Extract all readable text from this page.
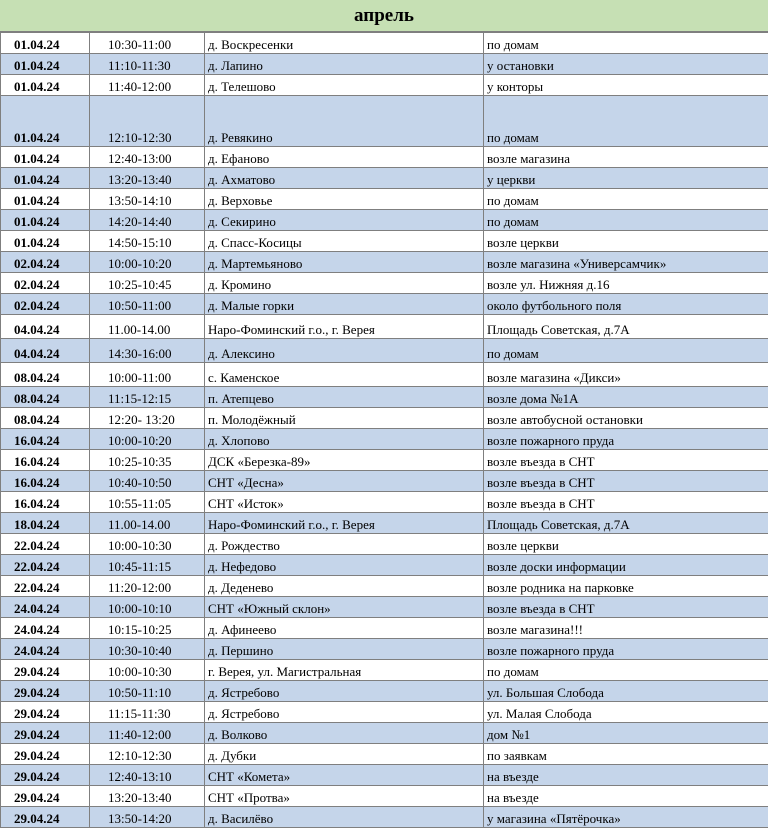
апрель
01.04.24	10:30-11:00	д. Воскресенки	по домам
01.04.24	11:10-11:30	д. Лапино	у остановки
01.04.24	11:40-12:00	д. Телешово	у конторы
01.04.24	12:10-12:30	д. Ревякино	по домам
01.04.24	12:40-13:00	д. Ефаново	возле магазина
01.04.24	13:20-13:40	д. Ахматово	у церкви
01.04.24	13:50-14:10	д. Верховье	по домам
01.04.24	14:20-14:40	д. Секирино	по домам
01.04.24	14:50-15:10	д. Спасс-Косицы	возле церкви
02.04.24	10:00-10:20	д. Мартемьяново	возле магазина «Универсамчик»
02.04.24	10:25-10:45	д. Кромино	возле ул. Нижняя д.16
02.04.24	10:50-11:00	д. Малые горки	около футбольного поля
04.04.24	11.00-14.00	Наро-Фоминский г.о., г. Верея	Площадь Советская, д.7А
04.04.24	14:30-16:00	д. Алексино	по домам
08.04.24	10:00-11:00	с. Каменское	возле магазина «Дикси»
08.04.24	11:15-12:15	п. Атепцево	возле дома №1А
08.04.24	12:20- 13:20	п. Молодёжный	возле автобусной остановки
16.04.24	10:00-10:20	д. Хлопово	возле пожарного пруда
16.04.24	10:25-10:35	ДСК «Березка-89»	возле въезда в СНТ
16.04.24	10:40-10:50	СНТ «Десна»	возле въезда в СНТ
16.04.24	10:55-11:05	СНТ «Исток»	возле въезда в СНТ
18.04.24	11.00-14.00	Наро-Фоминский г.о., г. Верея	Площадь Советская, д.7А
22.04.24	10:00-10:30	д. Рождество	возле церкви
22.04.24	10:45-11:15	д. Нефедово	возле доски информации
22.04.24	11:20-12:00	д. Деденево	возле родника на парковке
24.04.24	10:00-10:10	СНТ «Южный склон»	возле въезда в СНТ
24.04.24	10:15-10:25	д. Афинеево	возле магазина!!!
24.04.24	10:30-10:40	д. Першино	возле пожарного пруда
29.04.24	10:00-10:30	г. Верея, ул. Магистральная	по домам
29.04.24	10:50-11:10	д. Ястребово	ул. Большая Слобода
29.04.24	11:15-11:30	д. Ястребово	ул. Малая Слобода
29.04.24	11:40-12:00	д. Волково	дом №1
29.04.24	12:10-12:30	д. Дубки	по заявкам
29.04.24	12:40-13:10	СНТ «Комета»	на въезде
29.04.24	13:20-13:40	СНТ «Протва»	на въезде
29.04.24	13:50-14:20	д. Василёво	у магазина «Пятёрочка»
